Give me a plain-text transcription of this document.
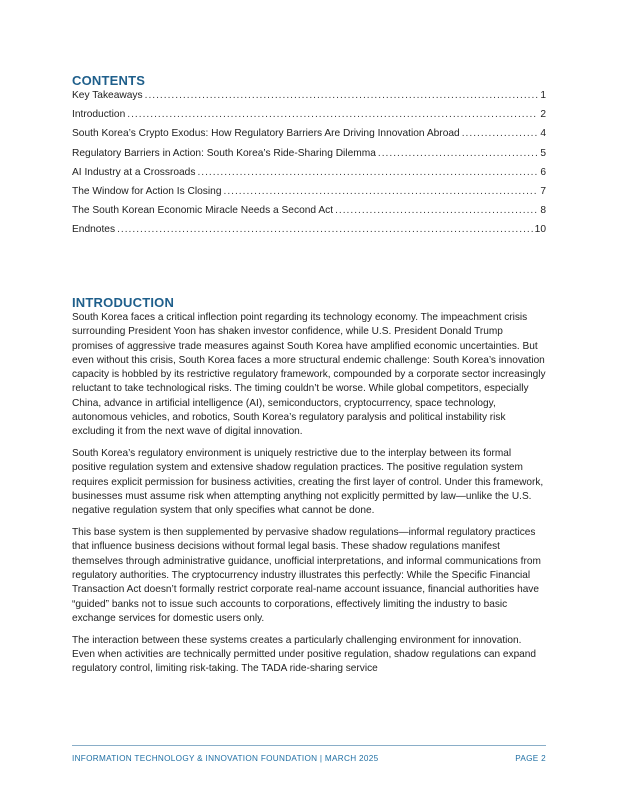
CONTENTS
Key Takeaways .....	1
Introduction .....	2
South Korea’s Crypto Exodus: How Regulatory Barriers Are Driving Innovation Abroad .....	4
Regulatory Barriers in Action: South Korea’s Ride-Sharing Dilemma .....	5
AI Industry at a Crossroads .....	6
The Window for Action Is Closing .....	7
The South Korean Economic Miracle Needs a Second Act .....	8
Endnotes .....	10
INTRODUCTION

South Korea faces a critical inflection point regarding its technology economy. The impeachment crisis surrounding President Yoon has shaken investor confidence, while U.S. President Donald Trump promises of aggressive trade measures against South Korea have amplified economic uncertainties. But even without this crisis, South Korea faces a more structural endemic challenge: South Korea’s innovation capacity is hobbled by its restrictive regulatory framework, compounded by a corporate sector increasingly reluctant to take technological risks. The timing couldn’t be worse. While global competitors, especially China, advance in artificial intelligence (AI), semiconductors, cryptocurrency, space technology, autonomous vehicles, and robotics, South Korea’s regulatory paralysis and political instability risk excluding it from the next wave of digital innovation.

South Korea’s regulatory environment is uniquely restrictive due to the interplay between its formal positive regulation system and extensive shadow regulation practices. The positive regulation system requires explicit permission for business activities, creating the first layer of control. Under this framework, businesses must assume risk when attempting anything not explicitly permitted by law—unlike the U.S. negative regulation system that only specifies what cannot be done.

This base system is then supplemented by pervasive shadow regulations—informal regulatory practices that influence business decisions without formal legal basis. These shadow regulations manifest themselves through administrative guidance, unofficial interpretations, and informal communications from regulatory authorities. The cryptocurrency industry illustrates this perfectly: While the Specific Financial Transaction Act doesn’t formally restrict corporate real-name account issuance, financial authorities have “guided” banks not to issue such accounts to corporations, effectively limiting the industry to basic exchange services for domestic users only.

The interaction between these systems creates a particularly challenging environment for innovation. Even when activities are technically permitted under positive regulation, shadow regulations can expand regulatory control, limiting risk-taking. The TADA ride-sharing service

INFORMATION TECHNOLOGY & INNOVATION FOUNDATION | MARCH 2025	PAGE 2
